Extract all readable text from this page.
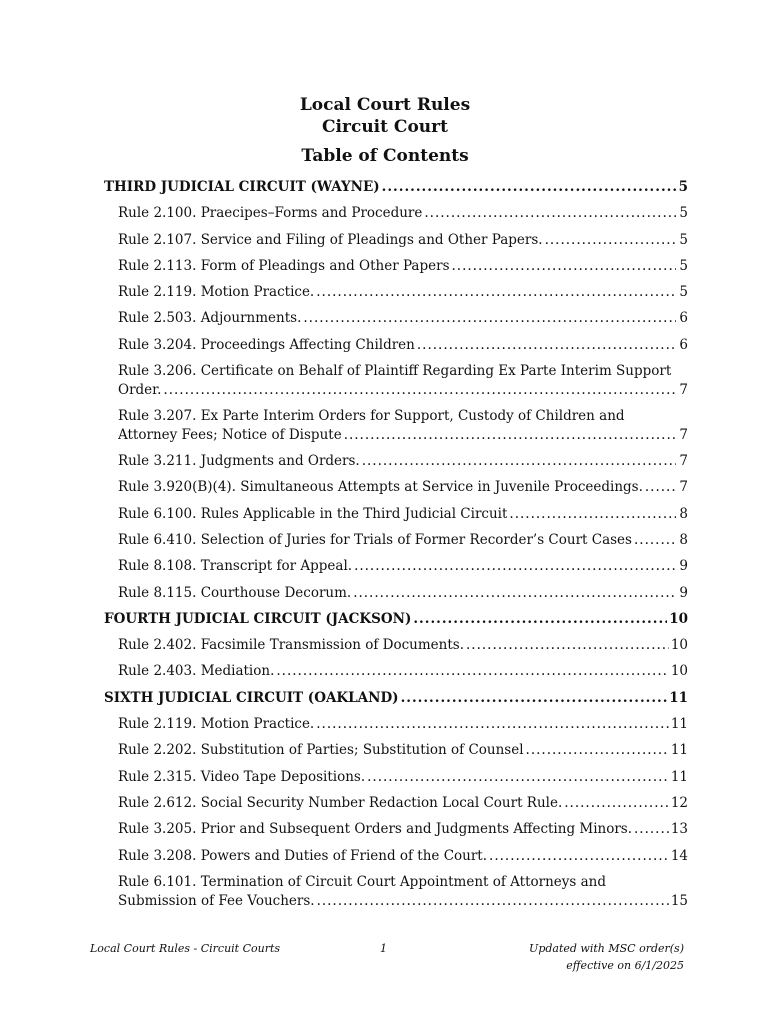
Local Court Rules
Circuit Court
Table of Contents
THIRD JUDICIAL CIRCUIT (WAYNE) .....	5
Rule 2.100. Praecipes–Forms and Procedure .....	5
Rule 2.107. Service and Filing of Pleadings and Other Papers. .....	5
Rule 2.113. Form of Pleadings and Other Papers .....	5
Rule 2.119. Motion Practice. .....	5
Rule 2.503. Adjournments. .....	6
Rule 3.204. Proceedings Affecting Children .....	6
Rule 3.206. Certificate on Behalf of Plaintiff Regarding Ex Parte Interim Support
Order. .....	7
Rule 3.207. Ex Parte Interim Orders for Support, Custody of Children and
Attorney Fees; Notice of Dispute .....	7
Rule 3.211. Judgments and Orders. .....	7
Rule 3.920(B)(4). Simultaneous Attempts at Service in Juvenile Proceedings. .....	7
Rule 6.100. Rules Applicable in the Third Judicial Circuit .....	8
Rule 6.410. Selection of Juries for Trials of Former Recorder’s Court Cases .....	8
Rule 8.108. Transcript for Appeal. .....	9
Rule 8.115. Courthouse Decorum. .....	9
FOURTH JUDICIAL CIRCUIT (JACKSON) .....	10
Rule 2.402. Facsimile Transmission of Documents. .....	10
Rule 2.403. Mediation. .....	10
SIXTH JUDICIAL CIRCUIT (OAKLAND) .....	11
Rule 2.119. Motion Practice. .....	11
Rule 2.202. Substitution of Parties; Substitution of Counsel .....	11
Rule 2.315. Video Tape Depositions. .....	11
Rule 2.612. Social Security Number Redaction Local Court Rule. .....	12
Rule 3.205. Prior and Subsequent Orders and Judgments Affecting Minors. .....	13
Rule 3.208. Powers and Duties of Friend of the Court. .....	14
Rule 6.101. Termination of Circuit Court Appointment of Attorneys and
Submission of Fee Vouchers. .....	15
Local Court Rules - Circuit Courts	1	Updated with MSC order(s)
effective on 6/1/2025
